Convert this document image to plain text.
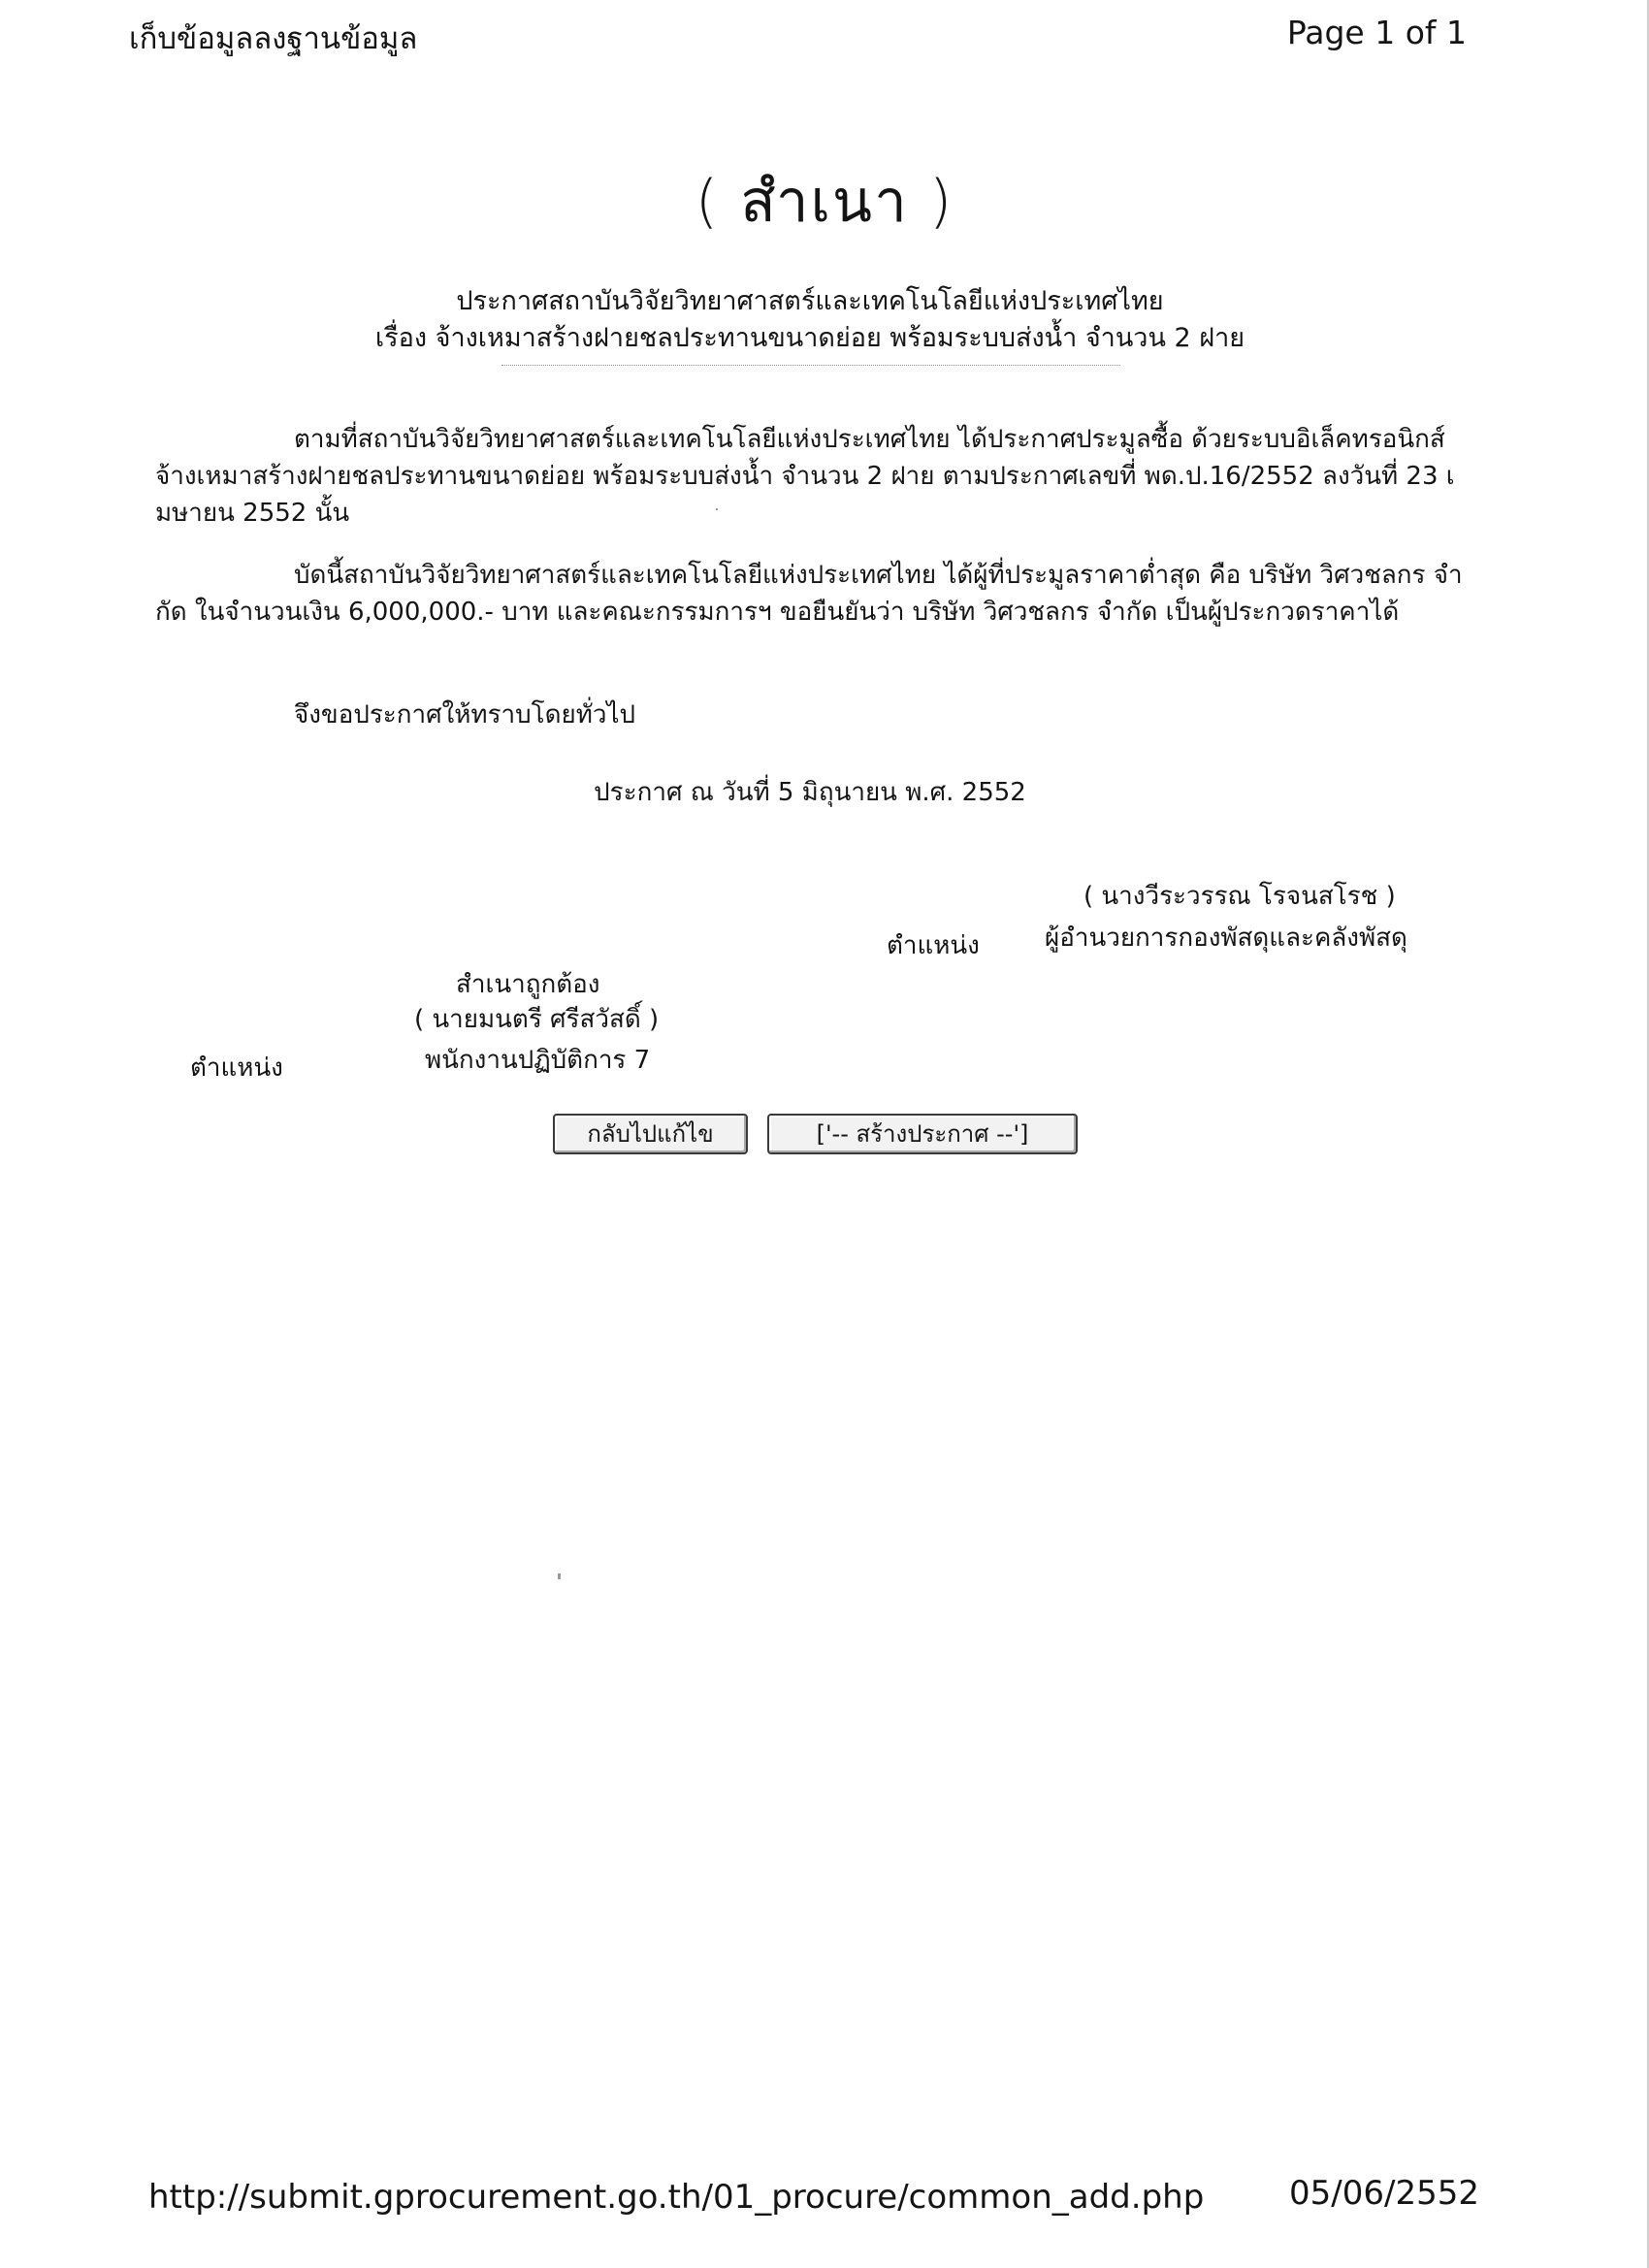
เก็บข้อมูลลงฐานข้อมูล	Page 1 of 1
( สำเนา )
ประกาศสถาบันวิจัยวิทยาศาสตร์และเทคโนโลยีแห่งประเทศไทย
เรื่อง จ้างเหมาสร้างฝายชลประทานขนาดย่อย พร้อมระบบส่งน้ำ จำนวน 2 ฝาย
ตามที่สถาบันวิจัยวิทยาศาสตร์และเทคโนโลยีแห่งประเทศไทย ได้ประกาศประมูลซื้อ ด้วยระบบอิเล็คทรอนิกส์ จ้างเหมาสร้างฝายชลประทานขนาดย่อย พร้อมระบบส่งน้ำ จำนวน 2 ฝาย ตามประกาศเลขที่ พด.ป.16/2552 ลงวันที่ 23 เมษายน 2552 นั้น
บัดนี้สถาบันวิจัยวิทยาศาสตร์และเทคโนโลยีแห่งประเทศไทย ได้ผู้ที่ประมูลราคาต่ำสุด คือ บริษัท วิศวชลกร จำกัด ในจำนวนเงิน 6,000,000.- บาท และคณะกรรมการฯ ขอยืนยันว่า บริษัท วิศวชลกร จำกัด เป็นผู้ประกวดราคาได้
จึงขอประกาศให้ทราบโดยทั่วไป
ประกาศ ณ วันที่ 5 มิถุนายน พ.ศ. 2552
( นางวีระวรรณ โรจนสโรช )
ตำแหน่ง	ผู้อำนวยการกองพัสดุและคลังพัสดุ
สำเนาถูกต้อง
( นายมนตรี ศรีสวัสดิ์ )
ตำแหน่ง	พนักงานปฏิบัติการ 7
กลับไปแก้ไข	['-- สร้างประกาศ --']
http://submit.gprocurement.go.th/01_procure/common_add.php	05/06/2552
